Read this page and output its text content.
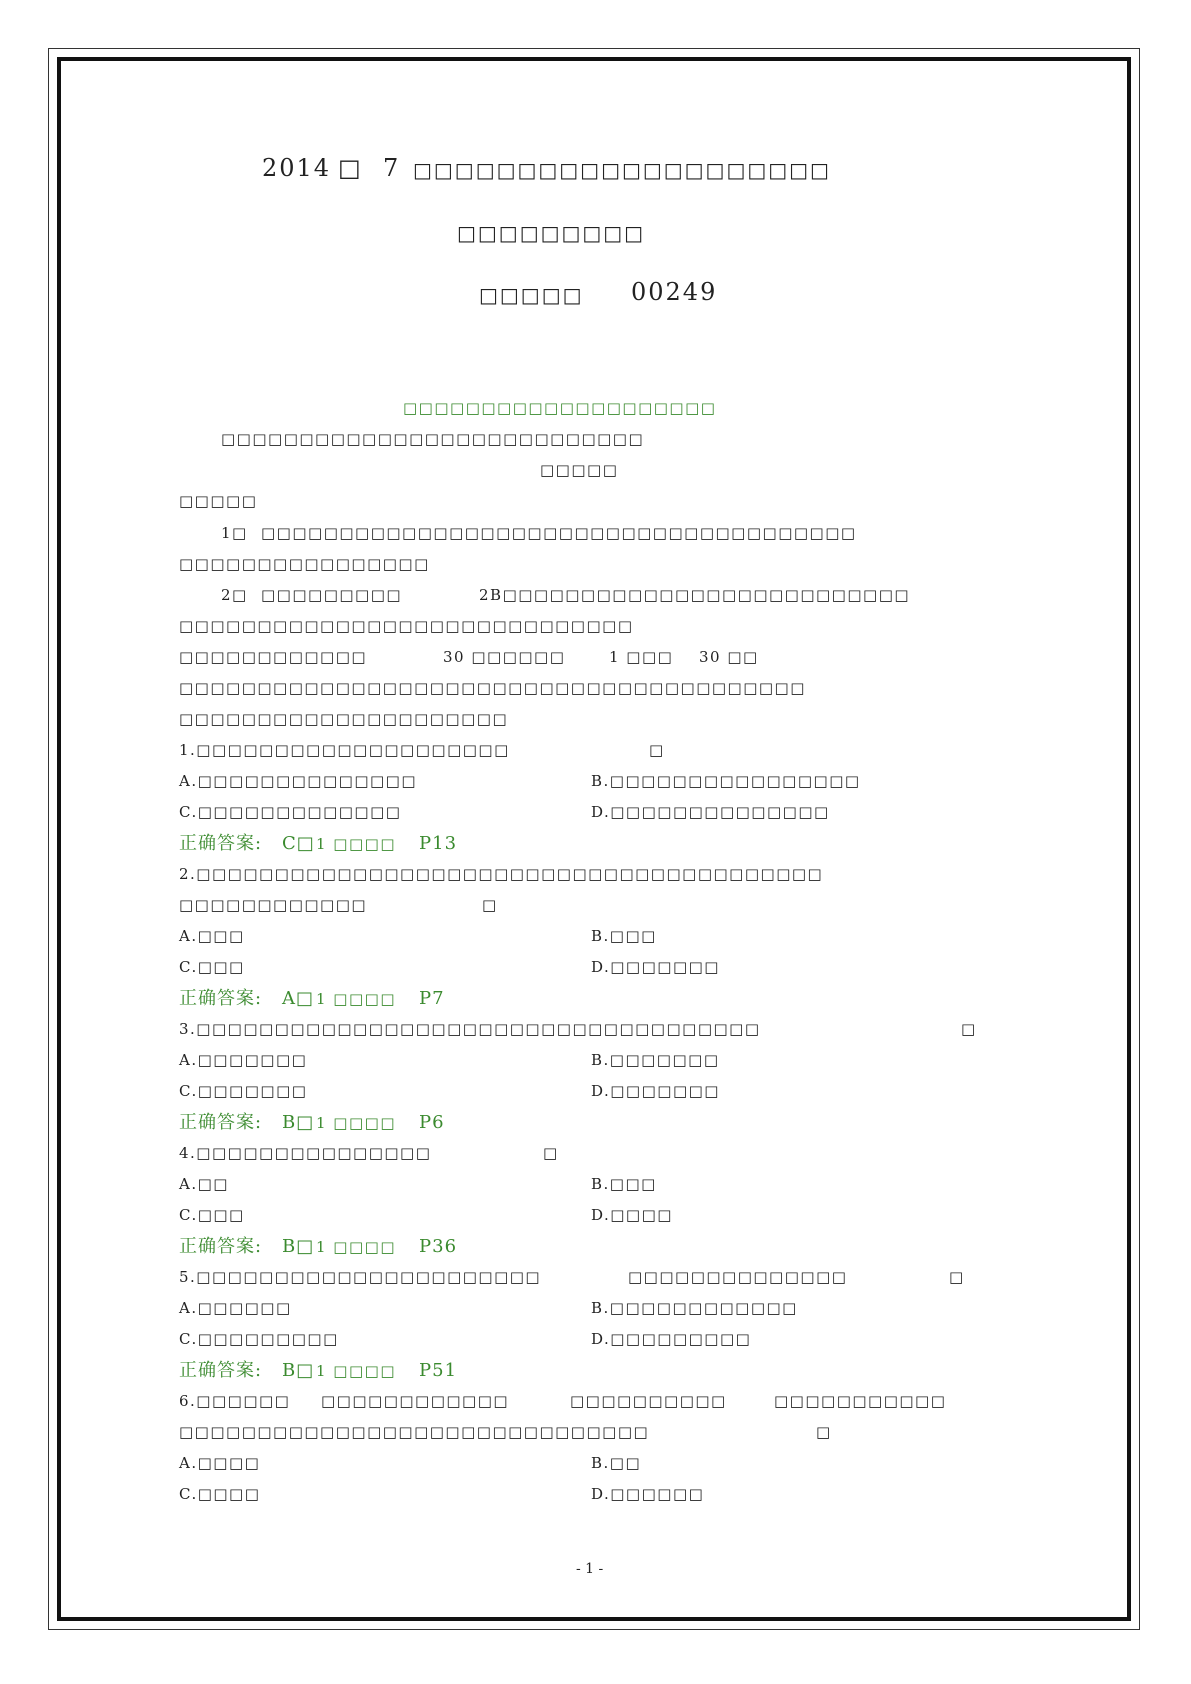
2014 □ 7 □□□□□□□□□□□□□□□□□□□□
□□□□□□□□□
□□□□□ 00249
□□□□□□□□□□□□□□□□□□□□
□□□□□□□□□□□□□□□□□□□□□□□□□□□
□□□□□
□□□□□
1□ □□□□□□□□□□□□□□□□□□□□□□□□□□□□□□□□□□□□□□
□□□□□□□□□□□□□□□□
2□ □□□□□□□□□	2B□□□□□□□□□□□□□□□□□□□□□□□□□□
□□□□□□□□□□□□□□□□□□□□□□□□□□□□□
□□□□□□□□□□□□	30 □□□□□□	1 □□□ 30 □□
□□□□□□□□□□□□□□□□□□□□□□□□□□□□□□□□□□□□□□□□
□□□□□□□□□□□□□□□□□□□□□
1.□□□□□□□□□□□□□□□□□□□□	□
A.□□□□□□□□□□□□□□	B.□□□□□□□□□□□□□□□□
C.□□□□□□□□□□□□□	D.□□□□□□□□□□□□□□
正确答案: C□ 1 □□□□ P13
2.□□□□□□□□□□□□□□□□□□□□□□□□□□□□□□□□□□□□□□□□
□□□□□□□□□□□□	□
A.□□□	B.□□□
C.□□□	D.□□□□□□□
正确答案: A□ 1 □□□□ P7
3.□□□□□□□□□□□□□□□□□□□□□□□□□□□□□□□□□□□□	□
A.□□□□□□□	B.□□□□□□□
C.□□□□□□□	D.□□□□□□□
正确答案: B□ 1 □□□□ P6
4.□□□□□□□□□□□□□□□	□
A.□□	B.□□□
C.□□□	D.□□□□
正确答案: B□ 1 □□□□ P36
5.□□□□□□□□□□□□□□□□□□□□□□	□□□□□□□□□□□□□□	□
A.□□□□□□	B.□□□□□□□□□□□□
C.□□□□□□□□□	D.□□□□□□□□□
正确答案: B□ 1 □□□□ P51
6.□□□□□□ □□□□□□□□□□□□	□□□□□□□□□□	□□□□□□□□□□□
□□□□□□□□□□□□□□□□□□□□□□□□□□□□□□	□
A.□□□□	B.□□
C.□□□□	D.□□□□□□
- 1 -
